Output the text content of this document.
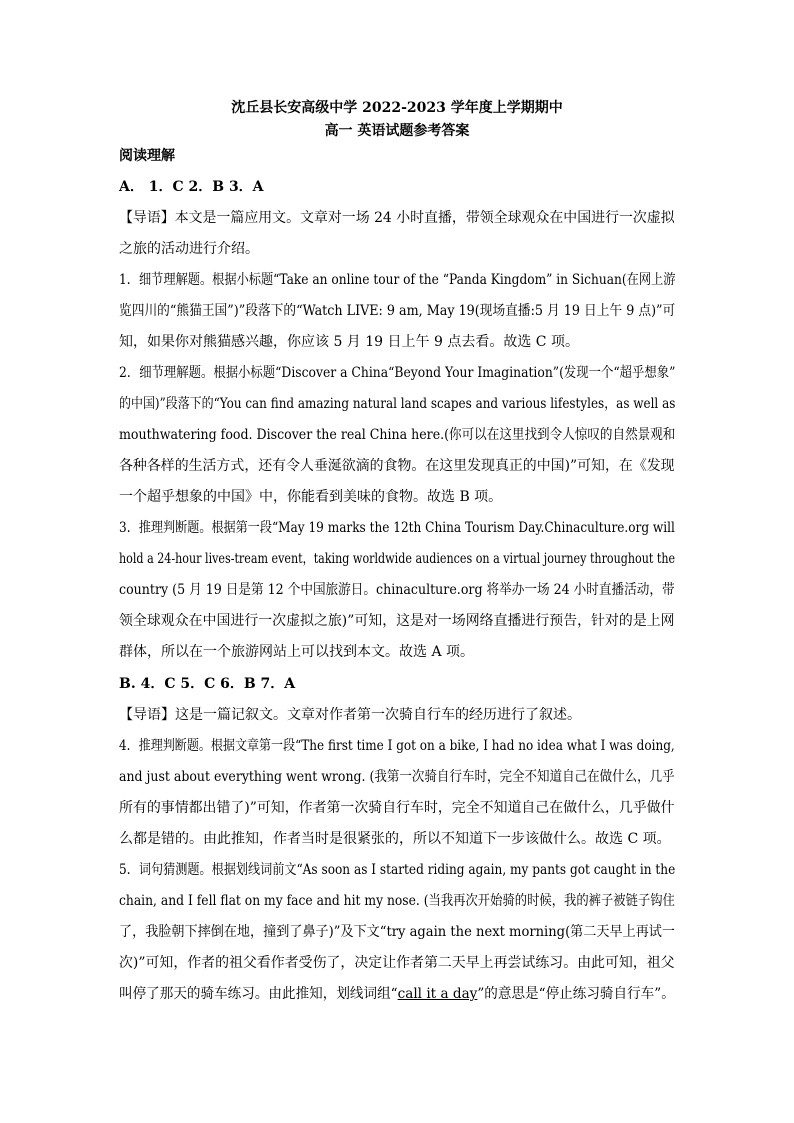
沈丘县长安高级中学 2022-2023 学年度上学期期中
高一 英语试题参考答案
阅读理解
A． 1．C 2．B 3．A
【导语】本文是一篇应用文。文章对一场 24 小时直播，带领全球观众在中国进行一次虚拟
之旅的活动进行介绍。
1．细节理解题。根据小标题“Take an online tour of the “Panda Kingdom” in Sichuan(在网上游
览四川的“熊猫王国”)”段落下的“Watch LIVE: 9 am, May 19(现场直播:5 月 19 日上午 9 点)”可
知，如果你对熊猫感兴趣，你应该 5 月 19 日上午 9 点去看。故选 C 项。
2．细节理解题。根据小标题“Discover a China“Beyond Your Imagination”(发现一个“超乎想象”
的中国)”段落下的“You can find amazing natural land scapes and various lifestyles，as well as
mouthwatering food. Discover the real China here.(你可以在这里找到令人惊叹的自然景观和
各种各样的生活方式，还有令人垂涎欲滴的食物。在这里发现真正的中国)”可知，在《发现
一个超乎想象的中国》中，你能看到美味的食物。故选 B 项。
3．推理判断题。根据第一段“May 19 marks the 12th China Tourism Day.Chinaculture.org will
hold a 24-hour lives-tream event，taking worldwide audiences on a virtual journey throughout the
country (5 月 19 日是第 12 个中国旅游日。chinaculture.org 将举办一场 24 小时直播活动，带
领全球观众在中国进行一次虚拟之旅)”可知，这是对一场网络直播进行预告，针对的是上网
群体，所以在一个旅游网站上可以找到本文。故选 A 项。
B. 4．C 5．C 6．B 7．A
【导语】这是一篇记叙文。文章对作者第一次骑自行车的经历进行了叙述。
4．推理判断题。根据文章第一段“The first time I got on a bike, I had no idea what I was doing,
and just about everything went wrong. (我第一次骑自行车时，完全不知道自己在做什么，几乎
所有的事情都出错了)”可知，作者第一次骑自行车时，完全不知道自己在做什么，几乎做什
么都是错的。由此推知，作者当时是很紧张的，所以不知道下一步该做什么。故选 C 项。
5．词句猜测题。根据划线词前文“As soon as I started riding again, my pants got caught in the
chain, and I fell flat on my face and hit my nose. (当我再次开始骑的时候，我的裤子被链子钩住
了，我脸朝下摔倒在地，撞到了鼻子)”及下文“try again the next morning(第二天早上再试一
次)”可知，作者的祖父看作者受伤了，决定让作者第二天早上再尝试练习。由此可知，祖父
叫停了那天的骑车练习。由此推知，划线词组“call it a day”的意思是“停止练习骑自行车”。
